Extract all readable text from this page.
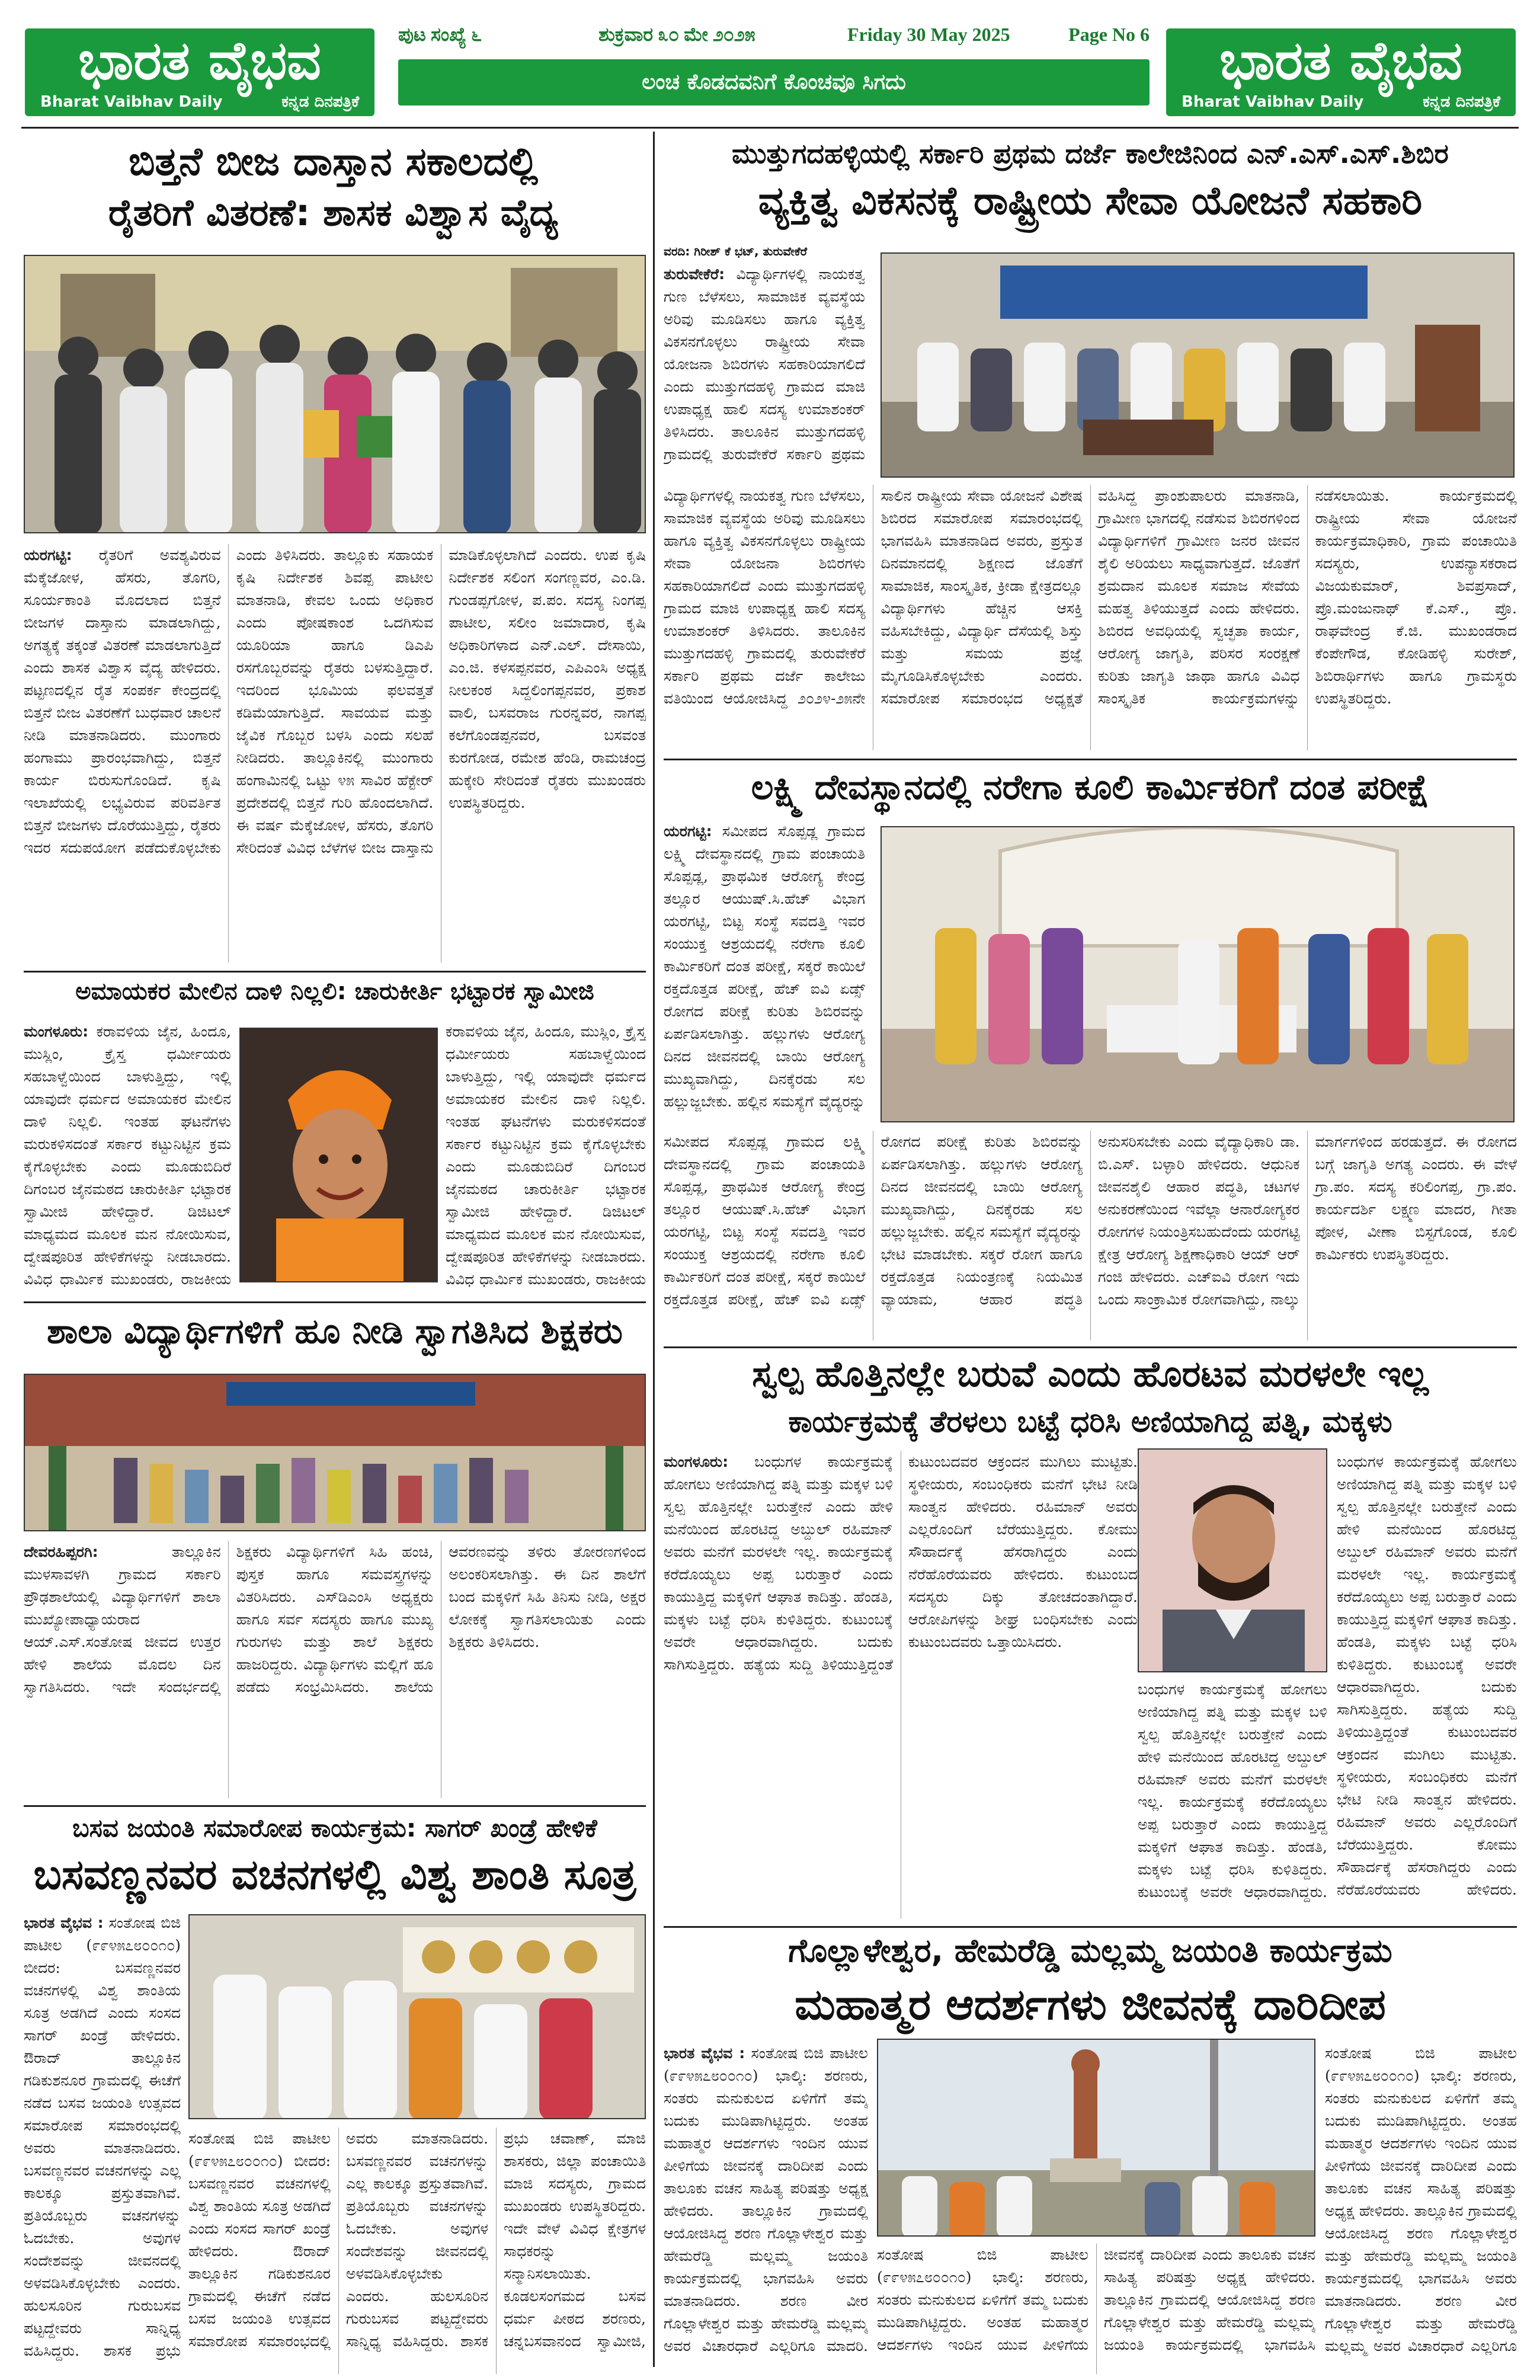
ಭಾರತ ವೈಭವ
Bharat Vaibhav Daily	ಕನ್ನಡ ದಿನಪತ್ರಿಕೆ
ಪುಟ ಸಂಖ್ಯೆ ೬	ಶುಕ್ರವಾರ ೩೦ ಮೇ ೨೦೨೫	Friday 30 May 2025	Page No 6
ಲಂಚ ಕೊಡದವನಿಗೆ ಕೊಂಚವೂ ಸಿಗದು	ಭಾರತ ವೈಭವ
Bharat Vaibhav Daily	ಕನ್ನಡ ದಿನಪತ್ರಿಕೆ
ಬಿತ್ತನೆ ಬೀಜ ದಾಸ್ತಾನ ಸಕಾಲದಲ್ಲಿ
ರೈತರಿಗೆ ವಿತರಣೆ: ಶಾಸಕ ವಿಶ್ವಾಸ ವೈದ್ಯ
ಯರಗಟ್ಟಿ: ರೈತರಿಗೆ ಅವಶ್ಯವಿರುವ ಮೆಕ್ಕೆಜೋಳ, ಹೆಸರು, ತೊಗರಿ, ಸೂರ್ಯಕಾಂತಿ ಮೊದಲಾದ ಬಿತ್ತನೆ ಬೀಜಗಳ ದಾಸ್ತಾನು ಮಾಡಲಾಗಿದ್ದು, ಅಗತ್ಯಕ್ಕೆ ತಕ್ಕಂತೆ ವಿತರಣೆ ಮಾಡಲಾಗುತ್ತಿದೆ ಎಂದು ಶಾಸಕ ವಿಶ್ವಾಸ ವೈದ್ಯ ಹೇಳಿದರು. ಪಟ್ಟಣದಲ್ಲಿನ ರೈತ ಸಂಪರ್ಕ ಕೇಂದ್ರದಲ್ಲಿ ಬಿತ್ತನೆ ಬೀಜ ವಿತರಣೆಗೆ ಬುಧವಾರ ಚಾಲನೆ ನೀಡಿ ಮಾತನಾಡಿದರು. ಮುಂಗಾರು ಹಂಗಾಮು ಪ್ರಾರಂಭವಾಗಿದ್ದು, ಬಿತ್ತನೆ ಕಾರ್ಯ ಬಿರುಸುಗೊಂಡಿದೆ. ಕೃಷಿ ಇಲಾಖೆಯಲ್ಲಿ ಲಭ್ಯವಿರುವ ಪರಿವರ್ತಿತ ಬಿತ್ತನೆ ಬೀಜಗಳು ದೊರೆಯುತ್ತಿದ್ದು, ರೈತರು ಇದರ ಸದುಪಯೋಗ ಪಡೆದುಕೊಳ್ಳಬೇಕು ಎಂದು ತಿಳಿಸಿದರು. ತಾಲ್ಲೂಕು ಸಹಾಯಕ ಕೃಷಿ ನಿರ್ದೇಶಕ ಶಿವಪ್ಪ ಪಾಟೀಲ ಮಾತನಾಡಿ, ಕೇವಲ ಒಂದು ಅಧಿಕಾರ ಎಂದು ಪೋಷಕಾಂಶ ಒದಗಿಸುವ ಯೂರಿಯಾ ಹಾಗೂ ಡಿಎಪಿ ರಸಗೊಬ್ಬರವನ್ನು ರೈತರು ಬಳಸುತ್ತಿದ್ದಾರೆ. ಇದರಿಂದ ಭೂಮಿಯ ಫಲವತ್ತತೆ ಕಡಿಮೆಯಾಗುತ್ತಿದೆ. ಸಾವಯವ ಮತ್ತು ಜೈವಿಕ ಗೊಬ್ಬರ ಬಳಸಿ ಎಂದು ಸಲಹೆ ನೀಡಿದರು. ತಾಲ್ಲೂಕಿನಲ್ಲಿ ಮುಂಗಾರು ಹಂಗಾಮಿನಲ್ಲಿ ಒಟ್ಟು ೪೫ ಸಾವಿರ ಹೆಕ್ಟೇರ್ ಪ್ರದೇಶದಲ್ಲಿ ಬಿತ್ತನೆ ಗುರಿ ಹೊಂದಲಾಗಿದೆ. ಈ ವರ್ಷ ಮೆಕ್ಕೆಜೋಳ, ಹೆಸರು, ತೊಗರಿ ಸೇರಿದಂತೆ ವಿವಿಧ ಬೆಳೆಗಳ ಬೀಜ ದಾಸ್ತಾನು ಮಾಡಿಕೊಳ್ಳಲಾಗಿದೆ ಎಂದರು. ಉಪ ಕೃಷಿ ನಿರ್ದೇಶಕ ಸಲಿಂಗ ಸಂಗಣ್ಣವರ, ಎಂ.ಡಿ. ಗುಂಡಪ್ಪಗೋಳ, ಪ.ಪಂ. ಸದಸ್ಯ ನಿಂಗಪ್ಪ ಪಾಟೀಲ, ಸಲೀಂ ಜಮಾದಾರ, ಕೃಷಿ ಅಧಿಕಾರಿಗಳಾದ ಎನ್.ಎಲ್. ದೇಸಾಯಿ, ಎಂ.ಜಿ. ಕಳಸಪ್ಪನವರ, ಎಪಿಎಂಸಿ ಅಧ್ಯಕ್ಷ ನೀಲಕಂಠ ಸಿದ್ದಲಿಂಗಪ್ಪನವರ, ಪ್ರಕಾಶ ವಾಲಿ, ಬಸವರಾಜ ಗುರನ್ನವರ, ನಾಗಪ್ಪ ಕಲೆಗೊಂಡಪ್ಪನವರ, ಬಸವಂತ ಕುರಗೋಡ, ರಮೇಶ ಹೆಂಡಿ, ರಾಮಚಂದ್ರ ಹುಕ್ಕೇರಿ ಸೇರಿದಂತೆ ರೈತರು ಮುಖಂಡರು ಉಪಸ್ಥಿತರಿದ್ದರು.
ಅಮಾಯಕರ ಮೇಲಿನ ದಾಳಿ ನಿಲ್ಲಲಿ: ಚಾರುಕೀರ್ತಿ ಭಟ್ಟಾರಕ ಸ್ವಾಮೀಜಿ
ಮಂಗಳೂರು: ಕರಾವಳಿಯ ಜೈನ, ಹಿಂದೂ, ಮುಸ್ಲಿಂ, ಕ್ರೈಸ್ತ ಧರ್ಮೀಯರು ಸಹಬಾಳ್ವೆಯಿಂದ ಬಾಳುತ್ತಿದ್ದು, ಇಲ್ಲಿ ಯಾವುದೇ ಧರ್ಮದ ಅಮಾಯಕರ ಮೇಲಿನ ದಾಳಿ ನಿಲ್ಲಲಿ. ಇಂತಹ ಘಟನೆಗಳು ಮರುಕಳಿಸದಂತೆ ಸರ್ಕಾರ ಕಟ್ಟುನಿಟ್ಟಿನ ಕ್ರಮ ಕೈಗೊಳ್ಳಬೇಕು ಎಂದು ಮೂಡುಬಿದಿರೆ ದಿಗಂಬರ ಜೈನಮಠದ ಚಾರುಕೀರ್ತಿ ಭಟ್ಟಾರಕ ಸ್ವಾಮೀಜಿ ಹೇಳಿದ್ದಾರೆ. ಡಿಜಿಟಲ್ ಮಾಧ್ಯಮದ ಮೂಲಕ ಮನ ನೋಯಿಸುವ, ದ್ವೇಷಪೂರಿತ ಹೇಳಿಕೆಗಳನ್ನು ನೀಡಬಾರದು. ವಿವಿಧ ಧಾರ್ಮಿಕ ಮುಖಂಡರು, ರಾಜಕೀಯ
ಕರಾವಳಿಯ ಜೈನ, ಹಿಂದೂ, ಮುಸ್ಲಿಂ, ಕ್ರೈಸ್ತ ಧರ್ಮೀಯರು ಸಹಬಾಳ್ವೆಯಿಂದ ಬಾಳುತ್ತಿದ್ದು, ಇಲ್ಲಿ ಯಾವುದೇ ಧರ್ಮದ ಅಮಾಯಕರ ಮೇಲಿನ ದಾಳಿ ನಿಲ್ಲಲಿ. ಇಂತಹ ಘಟನೆಗಳು ಮರುಕಳಿಸದಂತೆ ಸರ್ಕಾರ ಕಟ್ಟುನಿಟ್ಟಿನ ಕ್ರಮ ಕೈಗೊಳ್ಳಬೇಕು ಎಂದು ಮೂಡುಬಿದಿರೆ ದಿಗಂಬರ ಜೈನಮಠದ ಚಾರುಕೀರ್ತಿ ಭಟ್ಟಾರಕ ಸ್ವಾಮೀಜಿ ಹೇಳಿದ್ದಾರೆ. ಡಿಜಿಟಲ್ ಮಾಧ್ಯಮದ ಮೂಲಕ ಮನ ನೋಯಿಸುವ, ದ್ವೇಷಪೂರಿತ ಹೇಳಿಕೆಗಳನ್ನು ನೀಡಬಾರದು. ವಿವಿಧ ಧಾರ್ಮಿಕ ಮುಖಂಡರು, ರಾಜಕೀಯ
ಶಾಲಾ ವಿದ್ಯಾರ್ಥಿಗಳಿಗೆ ಹೂ ನೀಡಿ ಸ್ವಾಗತಿಸಿದ ಶಿಕ್ಷಕರು
ದೇವರಹಿಪ್ಪರಗಿ:	ತಾಲ್ಲೂಕಿನ ಮುಳಸಾವಳಗಿ ಗ್ರಾಮದ ಸರ್ಕಾರಿ ಪ್ರೌಢಶಾಲೆಯಲ್ಲಿ ವಿದ್ಯಾರ್ಥಿಗಳಿಗೆ ಶಾಲಾ ಮುಖ್ಯೋಪಾಧ್ಯಾಯರಾದ ಆಯ್.ಎಸ್.ಸಂತೋಷ ಜೀವದ ಉತ್ತರ ಹೇಳಿ ಶಾಲೆಯ ಮೊದಲ ದಿನ ಸ್ವಾಗತಿಸಿದರು. ಇದೇ ಸಂದರ್ಭದಲ್ಲಿ ಶಿಕ್ಷಕರು ವಿದ್ಯಾರ್ಥಿಗಳಿಗೆ ಸಿಹಿ ಹಂಚಿ, ಪುಸ್ತಕ ಹಾಗೂ ಸಮವಸ್ತ್ರಗಳನ್ನು ವಿತರಿಸಿದರು. ಎಸ್‌ಡಿಎಂಸಿ ಅಧ್ಯಕ್ಷರು ಹಾಗೂ ಸರ್ವ ಸದಸ್ಯರು ಹಾಗೂ ಮುಖ್ಯ ಗುರುಗಳು ಮತ್ತು ಶಾಲೆ ಶಿಕ್ಷಕರು ಹಾಜರಿದ್ದರು. ವಿದ್ಯಾರ್ಥಿಗಳು ಮಲ್ಲಿಗೆ ಹೂ ಪಡೆದು ಸಂಭ್ರಮಿಸಿದರು. ಶಾಲೆಯ ಆವರಣವನ್ನು ತಳಿರು ತೋರಣಗಳಿಂದ ಅಲಂಕರಿಸಲಾಗಿತ್ತು. ಈ ದಿನ ಶಾಲೆಗೆ ಬಂದ ಮಕ್ಕಳಿಗೆ ಸಿಹಿ ತಿನಿಸು ನೀಡಿ, ಅಕ್ಷರ ಲೋಕಕ್ಕೆ ಸ್ವಾಗತಿಸಲಾಯಿತು ಎಂದು ಶಿಕ್ಷಕರು ತಿಳಿಸಿದರು.
ಬಸವ ಜಯಂತಿ ಸಮಾರೋಪ ಕಾರ್ಯಕ್ರಮ: ಸಾಗರ್ ಖಂಡ್ರೆ ಹೇಳಿಕೆ
ಬಸವಣ್ಣನವರ ವಚನಗಳಲ್ಲಿ ವಿಶ್ವ ಶಾಂತಿ ಸೂತ್ರ
ಭಾರತ ವೈಭವ : ಸಂತೋಷ ಬಿಜಿ ಪಾಟೀಲ (೯೯೪೫೭೮೦೦೧೦) ಬೀದರ: ಬಸವಣ್ಣನವರ ವಚನಗಳಲ್ಲಿ ವಿಶ್ವ ಶಾಂತಿಯ ಸೂತ್ರ ಅಡಗಿದೆ ಎಂದು ಸಂಸದ ಸಾಗರ್ ಖಂಡ್ರೆ ಹೇಳಿದರು. ಔರಾದ್ ತಾಲ್ಲೂಕಿನ ಗಡಿಕುಶನೂರ ಗ್ರಾಮದಲ್ಲಿ ಈಚೆಗೆ ನಡೆದ ಬಸವ ಜಯಂತಿ ಉತ್ಸವದ ಸಮಾರೋಪ ಸಮಾರಂಭದಲ್ಲಿ ಅವರು ಮಾತನಾಡಿದರು. ಬಸವಣ್ಣನವರ ವಚನಗಳನ್ನು ಎಲ್ಲ ಕಾಲಕ್ಕೂ ಪ್ರಸ್ತುತವಾಗಿವೆ. ಪ್ರತಿಯೊಬ್ಬರು ವಚನಗಳನ್ನು ಓದಬೇಕು. ಅವುಗಳ ಸಂದೇಶವನ್ನು ಜೀವನದಲ್ಲಿ ಅಳವಡಿಸಿಕೊಳ್ಳಬೇಕು ಎಂದರು. ಹುಲಸೂರಿನ ಗುರುಬಸವ ಪಟ್ಟದ್ದೇವರು ಸಾನ್ನಿಧ್ಯ ವಹಿಸಿದ್ದರು. ಶಾಸಕ ಪ್ರಭು
ಸಂತೋಷ ಬಿಜಿ ಪಾಟೀಲ (೯೯೪೫೭೮೦೦೧೦) ಬೀದರ: ಬಸವಣ್ಣನವರ ವಚನಗಳಲ್ಲಿ ವಿಶ್ವ ಶಾಂತಿಯ ಸೂತ್ರ ಅಡಗಿದೆ ಎಂದು ಸಂಸದ ಸಾಗರ್ ಖಂಡ್ರೆ ಹೇಳಿದರು. ಔರಾದ್ ತಾಲ್ಲೂಕಿನ ಗಡಿಕುಶನೂರ ಗ್ರಾಮದಲ್ಲಿ ಈಚೆಗೆ ನಡೆದ ಬಸವ ಜಯಂತಿ ಉತ್ಸವದ ಸಮಾರೋಪ ಸಮಾರಂಭದಲ್ಲಿ ಅವರು ಮಾತನಾಡಿದರು. ಬಸವಣ್ಣನವರ ವಚನಗಳನ್ನು ಎಲ್ಲ ಕಾಲಕ್ಕೂ ಪ್ರಸ್ತುತವಾಗಿವೆ. ಪ್ರತಿಯೊಬ್ಬರು ವಚನಗಳನ್ನು ಓದಬೇಕು. ಅವುಗಳ ಸಂದೇಶವನ್ನು ಜೀವನದಲ್ಲಿ ಅಳವಡಿಸಿಕೊಳ್ಳಬೇಕು ಎಂದರು. ಹುಲಸೂರಿನ ಗುರುಬಸವ ಪಟ್ಟದ್ದೇವರು ಸಾನ್ನಿಧ್ಯ ವಹಿಸಿದ್ದರು. ಶಾಸಕ ಪ್ರಭು ಚವಾಣ್, ಮಾಜಿ ಶಾಸಕರು, ಜಿಲ್ಲಾ ಪಂಚಾಯಿತಿ ಮಾಜಿ ಸದಸ್ಯರು, ಗ್ರಾಮದ ಮುಖಂಡರು ಉಪಸ್ಥಿತರಿದ್ದರು. ಇದೇ ವೇಳೆ ವಿವಿಧ ಕ್ಷೇತ್ರಗಳ ಸಾಧಕರನ್ನು ಸನ್ಮಾನಿಸಲಾಯಿತು. ಕೂಡಲಸಂಗಮದ ಬಸವ ಧರ್ಮ ಪೀಠದ ಶರಣರು, ಚನ್ನಬಸವಾನಂದ ಸ್ವಾಮೀಜಿ,
ಮುತ್ತುಗದಹಳ್ಳಿಯಲ್ಲಿ ಸರ್ಕಾರಿ ಪ್ರಥಮ ದರ್ಜೆ ಕಾಲೇಜಿನಿಂದ ಎನ್.ಎಸ್.ಎಸ್.ಶಿಬಿರ
ವ್ಯಕ್ತಿತ್ವ ವಿಕಸನಕ್ಕೆ ರಾಷ್ಟ್ರೀಯ ಸೇವಾ ಯೋಜನೆ ಸಹಕಾರಿ
ವರದಿ: ಗಿರೀಶ್ ಕೆ ಭಟ್, ತುರುವೇಕೆರೆ
ತುರುವೇಕೆರೆ: ವಿದ್ಯಾರ್ಥಿಗಳಲ್ಲಿ ನಾಯಕತ್ವ ಗುಣ ಬೆಳೆಸಲು, ಸಾಮಾಜಿಕ ವ್ಯವಸ್ಥೆಯ ಅರಿವು ಮೂಡಿಸಲು ಹಾಗೂ ವ್ಯಕ್ತಿತ್ವ ವಿಕಸನಗೊಳ್ಳಲು ರಾಷ್ಟ್ರೀಯ ಸೇವಾ ಯೋಜನಾ ಶಿಬಿರಗಳು ಸಹಕಾರಿಯಾಗಲಿದೆ ಎಂದು ಮುತ್ತುಗದಹಳ್ಳಿ ಗ್ರಾಮದ ಮಾಜಿ ಉಪಾಧ್ಯಕ್ಷ ಹಾಲಿ ಸದಸ್ಯ ಉಮಾಶಂಕರ್ ತಿಳಿಸಿದರು. ತಾಲೂಕಿನ ಮುತ್ತುಗದಹಳ್ಳಿ ಗ್ರಾಮದಲ್ಲಿ ತುರುವೇಕೆರೆ ಸರ್ಕಾರಿ ಪ್ರಥಮ
ವಿದ್ಯಾರ್ಥಿಗಳಲ್ಲಿ ನಾಯಕತ್ವ ಗುಣ ಬೆಳೆಸಲು, ಸಾಮಾಜಿಕ ವ್ಯವಸ್ಥೆಯ ಅರಿವು ಮೂಡಿಸಲು ಹಾಗೂ ವ್ಯಕ್ತಿತ್ವ ವಿಕಸನಗೊಳ್ಳಲು ರಾಷ್ಟ್ರೀಯ ಸೇವಾ ಯೋಜನಾ ಶಿಬಿರಗಳು ಸಹಕಾರಿಯಾಗಲಿದೆ ಎಂದು ಮುತ್ತುಗದಹಳ್ಳಿ ಗ್ರಾಮದ ಮಾಜಿ ಉಪಾಧ್ಯಕ್ಷ ಹಾಲಿ ಸದಸ್ಯ ಉಮಾಶಂಕರ್ ತಿಳಿಸಿದರು. ತಾಲೂಕಿನ ಮುತ್ತುಗದಹಳ್ಳಿ ಗ್ರಾಮದಲ್ಲಿ ತುರುವೇಕೆರೆ ಸರ್ಕಾರಿ ಪ್ರಥಮ ದರ್ಜೆ ಕಾಲೇಜು ವತಿಯಿಂದ ಆಯೋಜಿಸಿದ್ದ ೨೦೨೪-೨೫ನೇ ಸಾಲಿನ ರಾಷ್ಟ್ರೀಯ ಸೇವಾ ಯೋಜನೆ ವಿಶೇಷ ಶಿಬಿರದ ಸಮಾರೋಪ ಸಮಾರಂಭದಲ್ಲಿ ಭಾಗವಹಿಸಿ ಮಾತನಾಡಿದ ಅವರು, ಪ್ರಸ್ತುತ ದಿನಮಾನದಲ್ಲಿ ಶಿಕ್ಷಣದ ಜೊತೆಗೆ ಸಾಮಾಜಿಕ, ಸಾಂಸ್ಕೃತಿಕ, ಕ್ರೀಡಾ ಕ್ಷೇತ್ರದಲ್ಲೂ ವಿದ್ಯಾರ್ಥಿಗಳು ಹೆಚ್ಚಿನ ಆಸಕ್ತಿ ವಹಿಸಬೇಕಿದ್ದು, ವಿದ್ಯಾರ್ಥಿ ದೆಸೆಯಲ್ಲಿ ಶಿಸ್ತು ಮತ್ತು ಸಮಯ ಪ್ರಜ್ಞೆ ಮೈಗೂಡಿಸಿಕೊಳ್ಳಬೇಕು ಎಂದರು. ಸಮಾರೋಪ ಸಮಾರಂಭದ ಅಧ್ಯಕ್ಷತೆ ವಹಿಸಿದ್ದ ಪ್ರಾಂಶುಪಾಲರು ಮಾತನಾಡಿ, ಗ್ರಾಮೀಣ ಭಾಗದಲ್ಲಿ ನಡೆಸುವ ಶಿಬಿರಗಳಿಂದ ವಿದ್ಯಾರ್ಥಿಗಳಿಗೆ ಗ್ರಾಮೀಣ ಜನರ ಜೀವನ ಶೈಲಿ ಅರಿಯಲು ಸಾಧ್ಯವಾಗುತ್ತದೆ. ಜೊತೆಗೆ ಶ್ರಮದಾನ ಮೂಲಕ ಸಮಾಜ ಸೇವೆಯ ಮಹತ್ವ ತಿಳಿಯುತ್ತದೆ ಎಂದು ಹೇಳಿದರು. ಶಿಬಿರದ ಅವಧಿಯಲ್ಲಿ ಸ್ವಚ್ಛತಾ ಕಾರ್ಯ, ಆರೋಗ್ಯ ಜಾಗೃತಿ, ಪರಿಸರ ಸಂರಕ್ಷಣೆ ಕುರಿತು ಜಾಗೃತಿ ಜಾಥಾ ಹಾಗೂ ವಿವಿಧ ಸಾಂಸ್ಕೃತಿಕ ಕಾರ್ಯಕ್ರಮಗಳನ್ನು ನಡೆಸಲಾಯಿತು. ಕಾರ್ಯಕ್ರಮದಲ್ಲಿ ರಾಷ್ಟ್ರೀಯ ಸೇವಾ ಯೋಜನೆ ಕಾರ್ಯಕ್ರಮಾಧಿಕಾರಿ, ಗ್ರಾಮ ಪಂಚಾಯಿತಿ ಸದಸ್ಯರು, ಉಪನ್ಯಾಸಕರಾದ ವಿಜಯಕುಮಾರ್, ಶಿವಪ್ರಸಾದ್, ಪ್ರೊ.ಮಂಜುನಾಥ್ ಕೆ.ಎಸ್., ಪ್ರೊ. ರಾಘವೇಂದ್ರ ಕೆ.ಜಿ. ಮುಖಂಡರಾದ ಕೆಂಪೇಗೌಡ, ಕೋಡಿಹಳ್ಳಿ ಸುರೇಶ್, ಶಿಬಿರಾರ್ಥಿಗಳು ಹಾಗೂ ಗ್ರಾಮಸ್ಥರು ಉಪಸ್ಥಿತರಿದ್ದರು.
ಲಕ್ಷ್ಮಿ ದೇವಸ್ಥಾನದಲ್ಲಿ ನರೇಗಾ ಕೂಲಿ ಕಾರ್ಮಿಕರಿಗೆ ದಂತ ಪರೀಕ್ಷೆ
ಯರಗಟ್ಟಿ: ಸಮೀಪದ ಸೊಪ್ಪಡ್ಲ ಗ್ರಾಮದ ಲಕ್ಷ್ಮಿ ದೇವಸ್ಥಾನದಲ್ಲಿ ಗ್ರಾಮ ಪಂಚಾಯತಿ ಸೊಪ್ಪಡ್ಲ, ಪ್ರಾಥಮಿಕ ಆರೋಗ್ಯ ಕೇಂದ್ರ ತಲ್ಲೂರ ಆಯುಷ್.ಸಿ.ಹೆಚ್ ವಿಭಾಗ ಯರಗಟ್ಟಿ, ಬಿಟ್ಟ ಸಂಸ್ಥೆ ಸವದತ್ತಿ ಇವರ ಸಂಯುಕ್ತ ಆಶ್ರಯದಲ್ಲಿ ನರೇಗಾ ಕೂಲಿ ಕಾರ್ಮಿಕರಿಗೆ ದಂತ ಪರೀಕ್ಷೆ, ಸಕ್ಕರೆ ಕಾಯಿಲೆ ರಕ್ತದೊತ್ತಡ ಪರೀಕ್ಷೆ, ಹೆಚ್ ಐವಿ ಏಡ್ಸ್ ರೋಗದ ಪರೀಕ್ಷೆ ಕುರಿತು ಶಿಬಿರವನ್ನು ಏರ್ಪಡಿಸಲಾಗಿತ್ತು. ಹಲ್ಲುಗಳು ಆರೋಗ್ಯ ದಿನದ ಜೀವನದಲ್ಲಿ ಬಾಯಿ ಆರೋಗ್ಯ ಮುಖ್ಯವಾಗಿದ್ದು, ದಿನಕ್ಕೆರಡು ಸಲ ಹಲ್ಲುಜ್ಜಬೇಕು. ಹಲ್ಲಿನ ಸಮಸ್ಯೆಗೆ ವೈದ್ಯರನ್ನು
ಸಮೀಪದ ಸೊಪ್ಪಡ್ಲ ಗ್ರಾಮದ ಲಕ್ಷ್ಮಿ ದೇವಸ್ಥಾನದಲ್ಲಿ ಗ್ರಾಮ ಪಂಚಾಯತಿ ಸೊಪ್ಪಡ್ಲ, ಪ್ರಾಥಮಿಕ ಆರೋಗ್ಯ ಕೇಂದ್ರ ತಲ್ಲೂರ ಆಯುಷ್.ಸಿ.ಹೆಚ್ ವಿಭಾಗ ಯರಗಟ್ಟಿ, ಬಿಟ್ಟ ಸಂಸ್ಥೆ ಸವದತ್ತಿ ಇವರ ಸಂಯುಕ್ತ ಆಶ್ರಯದಲ್ಲಿ ನರೇಗಾ ಕೂಲಿ ಕಾರ್ಮಿಕರಿಗೆ ದಂತ ಪರೀಕ್ಷೆ, ಸಕ್ಕರೆ ಕಾಯಿಲೆ ರಕ್ತದೊತ್ತಡ ಪರೀಕ್ಷೆ, ಹೆಚ್ ಐವಿ ಏಡ್ಸ್ ರೋಗದ ಪರೀಕ್ಷೆ ಕುರಿತು ಶಿಬಿರವನ್ನು ಏರ್ಪಡಿಸಲಾಗಿತ್ತು. ಹಲ್ಲುಗಳು ಆರೋಗ್ಯ ದಿನದ ಜೀವನದಲ್ಲಿ ಬಾಯಿ ಆರೋಗ್ಯ ಮುಖ್ಯವಾಗಿದ್ದು, ದಿನಕ್ಕೆರಡು ಸಲ ಹಲ್ಲುಜ್ಜಬೇಕು. ಹಲ್ಲಿನ ಸಮಸ್ಯೆಗೆ ವೈದ್ಯರನ್ನು ಭೇಟಿ ಮಾಡಬೇಕು. ಸಕ್ಕರೆ ರೋಗ ಹಾಗೂ ರಕ್ತದೊತ್ತಡ ನಿಯಂತ್ರಣಕ್ಕೆ ನಿಯಮಿತ ವ್ಯಾಯಾಮ, ಆಹಾರ ಪದ್ಧತಿ ಅನುಸರಿಸಬೇಕು ಎಂದು ವೈದ್ಯಾಧಿಕಾರಿ ಡಾ. ಬಿ.ಎಸ್. ಬಳ್ಳಾರಿ ಹೇಳಿದರು. ಆಧುನಿಕ ಜೀವನಶೈಲಿ ಆಹಾರ ಪದ್ಧತಿ, ಚಟಗಳ ಅನುಕರಣೆಯಿಂದ ಇವೆಲ್ಲಾ ಆನಾರೋಗ್ಯಕರ ರೋಗಗಳ ನಿಯಂತ್ರಿಸಬಹುದೆಂದು ಯರಗಟ್ಟಿ ಕ್ಷೇತ್ರ ಆರೋಗ್ಯ ಶಿಕ್ಷಣಾಧಿಕಾರಿ ಆಯ್ ಆರ್ ಗಂಜಿ ಹೇಳಿದರು. ಎಚ್ಐವಿ ರೋಗ ಇದು ಒಂದು ಸಾಂಕ್ರಾಮಿಕ ರೋಗವಾಗಿದ್ದು, ನಾಲ್ಕು ಮಾರ್ಗಗಳಿಂದ ಹರಡುತ್ತದೆ. ಈ ರೋಗದ ಬಗ್ಗೆ ಜಾಗೃತಿ ಅಗತ್ಯ ಎಂದರು. ಈ ವೇಳೆ ಗ್ರಾ.ಪಂ. ಸದಸ್ಯ ಕರಿಲಿಂಗಪ್ಪ, ಗ್ರಾ.ಪಂ. ಕಾರ್ಯದರ್ಶಿ ಲಕ್ಷ್ಮಣ ಮಾದರ, ಗೀತಾ ಪೋಳ, ವೀಣಾ ಬಿಸ್ಟಗೊಂಡ, ಕೂಲಿ ಕಾರ್ಮಿಕರು ಉಪಸ್ಥಿತರಿದ್ದರು.
ಸ್ವಲ್ಪ ಹೊತ್ತಿನಲ್ಲೇ ಬರುವೆ ಎಂದು ಹೊರಟವ ಮರಳಲೇ ಇಲ್ಲ
ಕಾರ್ಯಕ್ರಮಕ್ಕೆ ತೆರಳಲು ಬಟ್ಟೆ ಧರಿಸಿ ಅಣಿಯಾಗಿದ್ದ ಪತ್ನಿ, ಮಕ್ಕಳು
ಮಂಗಳೂರು: ಬಂಧುಗಳ ಕಾರ್ಯಕ್ರಮಕ್ಕೆ ಹೋಗಲು ಅಣಿಯಾಗಿದ್ದ ಪತ್ನಿ ಮತ್ತು ಮಕ್ಕಳ ಬಳಿ ಸ್ವಲ್ಪ ಹೊತ್ತಿನಲ್ಲೇ ಬರುತ್ತೇನೆ ಎಂದು ಹೇಳಿ ಮನೆಯಿಂದ ಹೊರಟಿದ್ದ ಅಬ್ದುಲ್ ರಹಿಮಾನ್ ಅವರು ಮನೆಗೆ ಮರಳಲೇ ಇಲ್ಲ. ಕಾರ್ಯಕ್ರಮಕ್ಕೆ ಕರೆದೊಯ್ಯಲು ಅಪ್ಪ ಬರುತ್ತಾರೆ ಎಂದು ಕಾಯುತ್ತಿದ್ದ ಮಕ್ಕಳಿಗೆ ಆಘಾತ ಕಾದಿತ್ತು. ಹೆಂಡತಿ, ಮಕ್ಕಳು ಬಟ್ಟೆ ಧರಿಸಿ ಕುಳಿತಿದ್ದರು. ಕುಟುಂಬಕ್ಕೆ ಅವರೇ ಆಧಾರವಾಗಿದ್ದರು. ಬದುಕು ಸಾಗಿಸುತ್ತಿದ್ದರು. ಹತ್ಯೆಯ ಸುದ್ದಿ ತಿಳಿಯುತ್ತಿದ್ದಂತೆ ಕುಟುಂಬದವರ ಆಕ್ರಂದನ ಮುಗಿಲು ಮುಟ್ಟಿತು. ಸ್ಥಳೀಯರು, ಸಂಬಂಧಿಕರು ಮನೆಗೆ ಭೇಟಿ ನೀಡಿ ಸಾಂತ್ವನ ಹೇಳಿದರು. ರಹಿಮಾನ್ ಅವರು ಎಲ್ಲರೊಂದಿಗೆ ಬೆರೆಯುತ್ತಿದ್ದರು. ಕೋಮು ಸೌಹಾರ್ದಕ್ಕೆ ಹೆಸರಾಗಿದ್ದರು ಎಂದು ನೆರೆಹೊರೆಯವರು ಹೇಳಿದರು. ಕುಟುಂಬದ ಸದಸ್ಯರು ದಿಕ್ಕು ತೋಚದಂತಾಗಿದ್ದಾರೆ. ಆರೋಪಿಗಳನ್ನು ಶೀಘ್ರ ಬಂಧಿಸಬೇಕು ಎಂದು ಕುಟುಂಬದವರು ಒತ್ತಾಯಿಸಿದರು.
ಬಂಧುಗಳ ಕಾರ್ಯಕ್ರಮಕ್ಕೆ ಹೋಗಲು ಅಣಿಯಾಗಿದ್ದ ಪತ್ನಿ ಮತ್ತು ಮಕ್ಕಳ ಬಳಿ ಸ್ವಲ್ಪ ಹೊತ್ತಿನಲ್ಲೇ ಬರುತ್ತೇನೆ ಎಂದು ಹೇಳಿ ಮನೆಯಿಂದ ಹೊರಟಿದ್ದ ಅಬ್ದುಲ್ ರಹಿಮಾನ್ ಅವರು ಮನೆಗೆ ಮರಳಲೇ ಇಲ್ಲ. ಕಾರ್ಯಕ್ರಮಕ್ಕೆ ಕರೆದೊಯ್ಯಲು ಅಪ್ಪ ಬರುತ್ತಾರೆ ಎಂದು ಕಾಯುತ್ತಿದ್ದ ಮಕ್ಕಳಿಗೆ ಆಘಾತ ಕಾದಿತ್ತು. ಹೆಂಡತಿ, ಮಕ್ಕಳು ಬಟ್ಟೆ ಧರಿಸಿ ಕುಳಿತಿದ್ದರು. ಕುಟುಂಬಕ್ಕೆ ಅವರೇ ಆಧಾರವಾಗಿದ್ದರು.
ಬಂಧುಗಳ ಕಾರ್ಯಕ್ರಮಕ್ಕೆ ಹೋಗಲು ಅಣಿಯಾಗಿದ್ದ ಪತ್ನಿ ಮತ್ತು ಮಕ್ಕಳ ಬಳಿ ಸ್ವಲ್ಪ ಹೊತ್ತಿನಲ್ಲೇ ಬರುತ್ತೇನೆ ಎಂದು ಹೇಳಿ ಮನೆಯಿಂದ ಹೊರಟಿದ್ದ ಅಬ್ದುಲ್ ರಹಿಮಾನ್ ಅವರು ಮನೆಗೆ ಮರಳಲೇ ಇಲ್ಲ. ಕಾರ್ಯಕ್ರಮಕ್ಕೆ ಕರೆದೊಯ್ಯಲು ಅಪ್ಪ ಬರುತ್ತಾರೆ ಎಂದು ಕಾಯುತ್ತಿದ್ದ ಮಕ್ಕಳಿಗೆ ಆಘಾತ ಕಾದಿತ್ತು. ಹೆಂಡತಿ, ಮಕ್ಕಳು ಬಟ್ಟೆ ಧರಿಸಿ ಕುಳಿತಿದ್ದರು. ಕುಟುಂಬಕ್ಕೆ ಅವರೇ ಆಧಾರವಾಗಿದ್ದರು. ಬದುಕು ಸಾಗಿಸುತ್ತಿದ್ದರು. ಹತ್ಯೆಯ ಸುದ್ದಿ ತಿಳಿಯುತ್ತಿದ್ದಂತೆ ಕುಟುಂಬದವರ ಆಕ್ರಂದನ ಮುಗಿಲು ಮುಟ್ಟಿತು. ಸ್ಥಳೀಯರು, ಸಂಬಂಧಿಕರು ಮನೆಗೆ ಭೇಟಿ ನೀಡಿ ಸಾಂತ್ವನ ಹೇಳಿದರು. ರಹಿಮಾನ್ ಅವರು ಎಲ್ಲರೊಂದಿಗೆ ಬೆರೆಯುತ್ತಿದ್ದರು. ಕೋಮು ಸೌಹಾರ್ದಕ್ಕೆ ಹೆಸರಾಗಿದ್ದರು ಎಂದು ನೆರೆಹೊರೆಯವರು ಹೇಳಿದರು.
ಗೊಲ್ಲಾಳೇಶ್ವರ, ಹೇಮರೆಡ್ಡಿ ಮಲ್ಲಮ್ಮ ಜಯಂತಿ ಕಾರ್ಯಕ್ರಮ
ಮಹಾತ್ಮರ ಆದರ್ಶಗಳು ಜೀವನಕ್ಕೆ ದಾರಿದೀಪ
ಭಾರತ ವೈಭವ : ಸಂತೋಷ ಬಿಜಿ ಪಾಟೀಲ (೯೯೪೫೭೮೦೦೧೦) ಭಾಲ್ಕಿ: ಶರಣರು, ಸಂತರು ಮನುಕುಲದ ಏಳಿಗೆಗೆ ತಮ್ಮ ಬದುಕು ಮುಡಿಪಾಗಿಟ್ಟಿದ್ದರು. ಅಂತಹ ಮಹಾತ್ಮರ ಆದರ್ಶಗಳು ಇಂದಿನ ಯುವ ಪೀಳಿಗೆಯ ಜೀವನಕ್ಕೆ ದಾರಿದೀಪ ಎಂದು ತಾಲೂಕು ವಚನ ಸಾಹಿತ್ಯ ಪರಿಷತ್ತು ಅಧ್ಯಕ್ಷ ಹೇಳಿದರು. ತಾಲ್ಲೂಕಿನ ಗ್ರಾಮದಲ್ಲಿ ಆಯೋಜಿಸಿದ್ದ ಶರಣ ಗೊಲ್ಲಾಳೇಶ್ವರ ಮತ್ತು ಹೇಮರೆಡ್ಡಿ ಮಲ್ಲಮ್ಮ ಜಯಂತಿ ಕಾರ್ಯಕ್ರಮದಲ್ಲಿ ಭಾಗವಹಿಸಿ ಅವರು ಮಾತನಾಡಿದರು. ಶರಣ ವೀರ ಗೊಲ್ಲಾಳೇಶ್ವರ ಮತ್ತು ಹೇಮರೆಡ್ಡಿ ಮಲ್ಲಮ್ಮ ಅವರ ವಿಚಾರಧಾರೆ ಎಲ್ಲರಿಗೂ ಮಾದರಿ.
ಸಂತೋಷ ಬಿಜಿ ಪಾಟೀಲ (೯೯೪೫೭೮೦೦೧೦) ಭಾಲ್ಕಿ: ಶರಣರು, ಸಂತರು ಮನುಕುಲದ ಏಳಿಗೆಗೆ ತಮ್ಮ ಬದುಕು ಮುಡಿಪಾಗಿಟ್ಟಿದ್ದರು. ಅಂತಹ ಮಹಾತ್ಮರ ಆದರ್ಶಗಳು ಇಂದಿನ ಯುವ ಪೀಳಿಗೆಯ ಜೀವನಕ್ಕೆ ದಾರಿದೀಪ ಎಂದು ತಾಲೂಕು ವಚನ ಸಾಹಿತ್ಯ ಪರಿಷತ್ತು ಅಧ್ಯಕ್ಷ ಹೇಳಿದರು. ತಾಲ್ಲೂಕಿನ ಗ್ರಾಮದಲ್ಲಿ ಆಯೋಜಿಸಿದ್ದ ಶರಣ ಗೊಲ್ಲಾಳೇಶ್ವರ ಮತ್ತು ಹೇಮರೆಡ್ಡಿ ಮಲ್ಲಮ್ಮ ಜಯಂತಿ ಕಾರ್ಯಕ್ರಮದಲ್ಲಿ ಭಾಗವಹಿಸಿ
ಸಂತೋಷ ಬಿಜಿ ಪಾಟೀಲ (೯೯೪೫೭೮೦೦೧೦) ಭಾಲ್ಕಿ: ಶರಣರು, ಸಂತರು ಮನುಕುಲದ ಏಳಿಗೆಗೆ ತಮ್ಮ ಬದುಕು ಮುಡಿಪಾಗಿಟ್ಟಿದ್ದರು. ಅಂತಹ ಮಹಾತ್ಮರ ಆದರ್ಶಗಳು ಇಂದಿನ ಯುವ ಪೀಳಿಗೆಯ ಜೀವನಕ್ಕೆ ದಾರಿದೀಪ ಎಂದು ತಾಲೂಕು ವಚನ ಸಾಹಿತ್ಯ ಪರಿಷತ್ತು ಅಧ್ಯಕ್ಷ ಹೇಳಿದರು. ತಾಲ್ಲೂಕಿನ ಗ್ರಾಮದಲ್ಲಿ ಆಯೋಜಿಸಿದ್ದ ಶರಣ ಗೊಲ್ಲಾಳೇಶ್ವರ ಮತ್ತು ಹೇಮರೆಡ್ಡಿ ಮಲ್ಲಮ್ಮ ಜಯಂತಿ ಕಾರ್ಯಕ್ರಮದಲ್ಲಿ ಭಾಗವಹಿಸಿ ಅವರು ಮಾತನಾಡಿದರು. ಶರಣ ವೀರ ಗೊಲ್ಲಾಳೇಶ್ವರ ಮತ್ತು ಹೇಮರೆಡ್ಡಿ ಮಲ್ಲಮ್ಮ ಅವರ ವಿಚಾರಧಾರೆ ಎಲ್ಲರಿಗೂ
